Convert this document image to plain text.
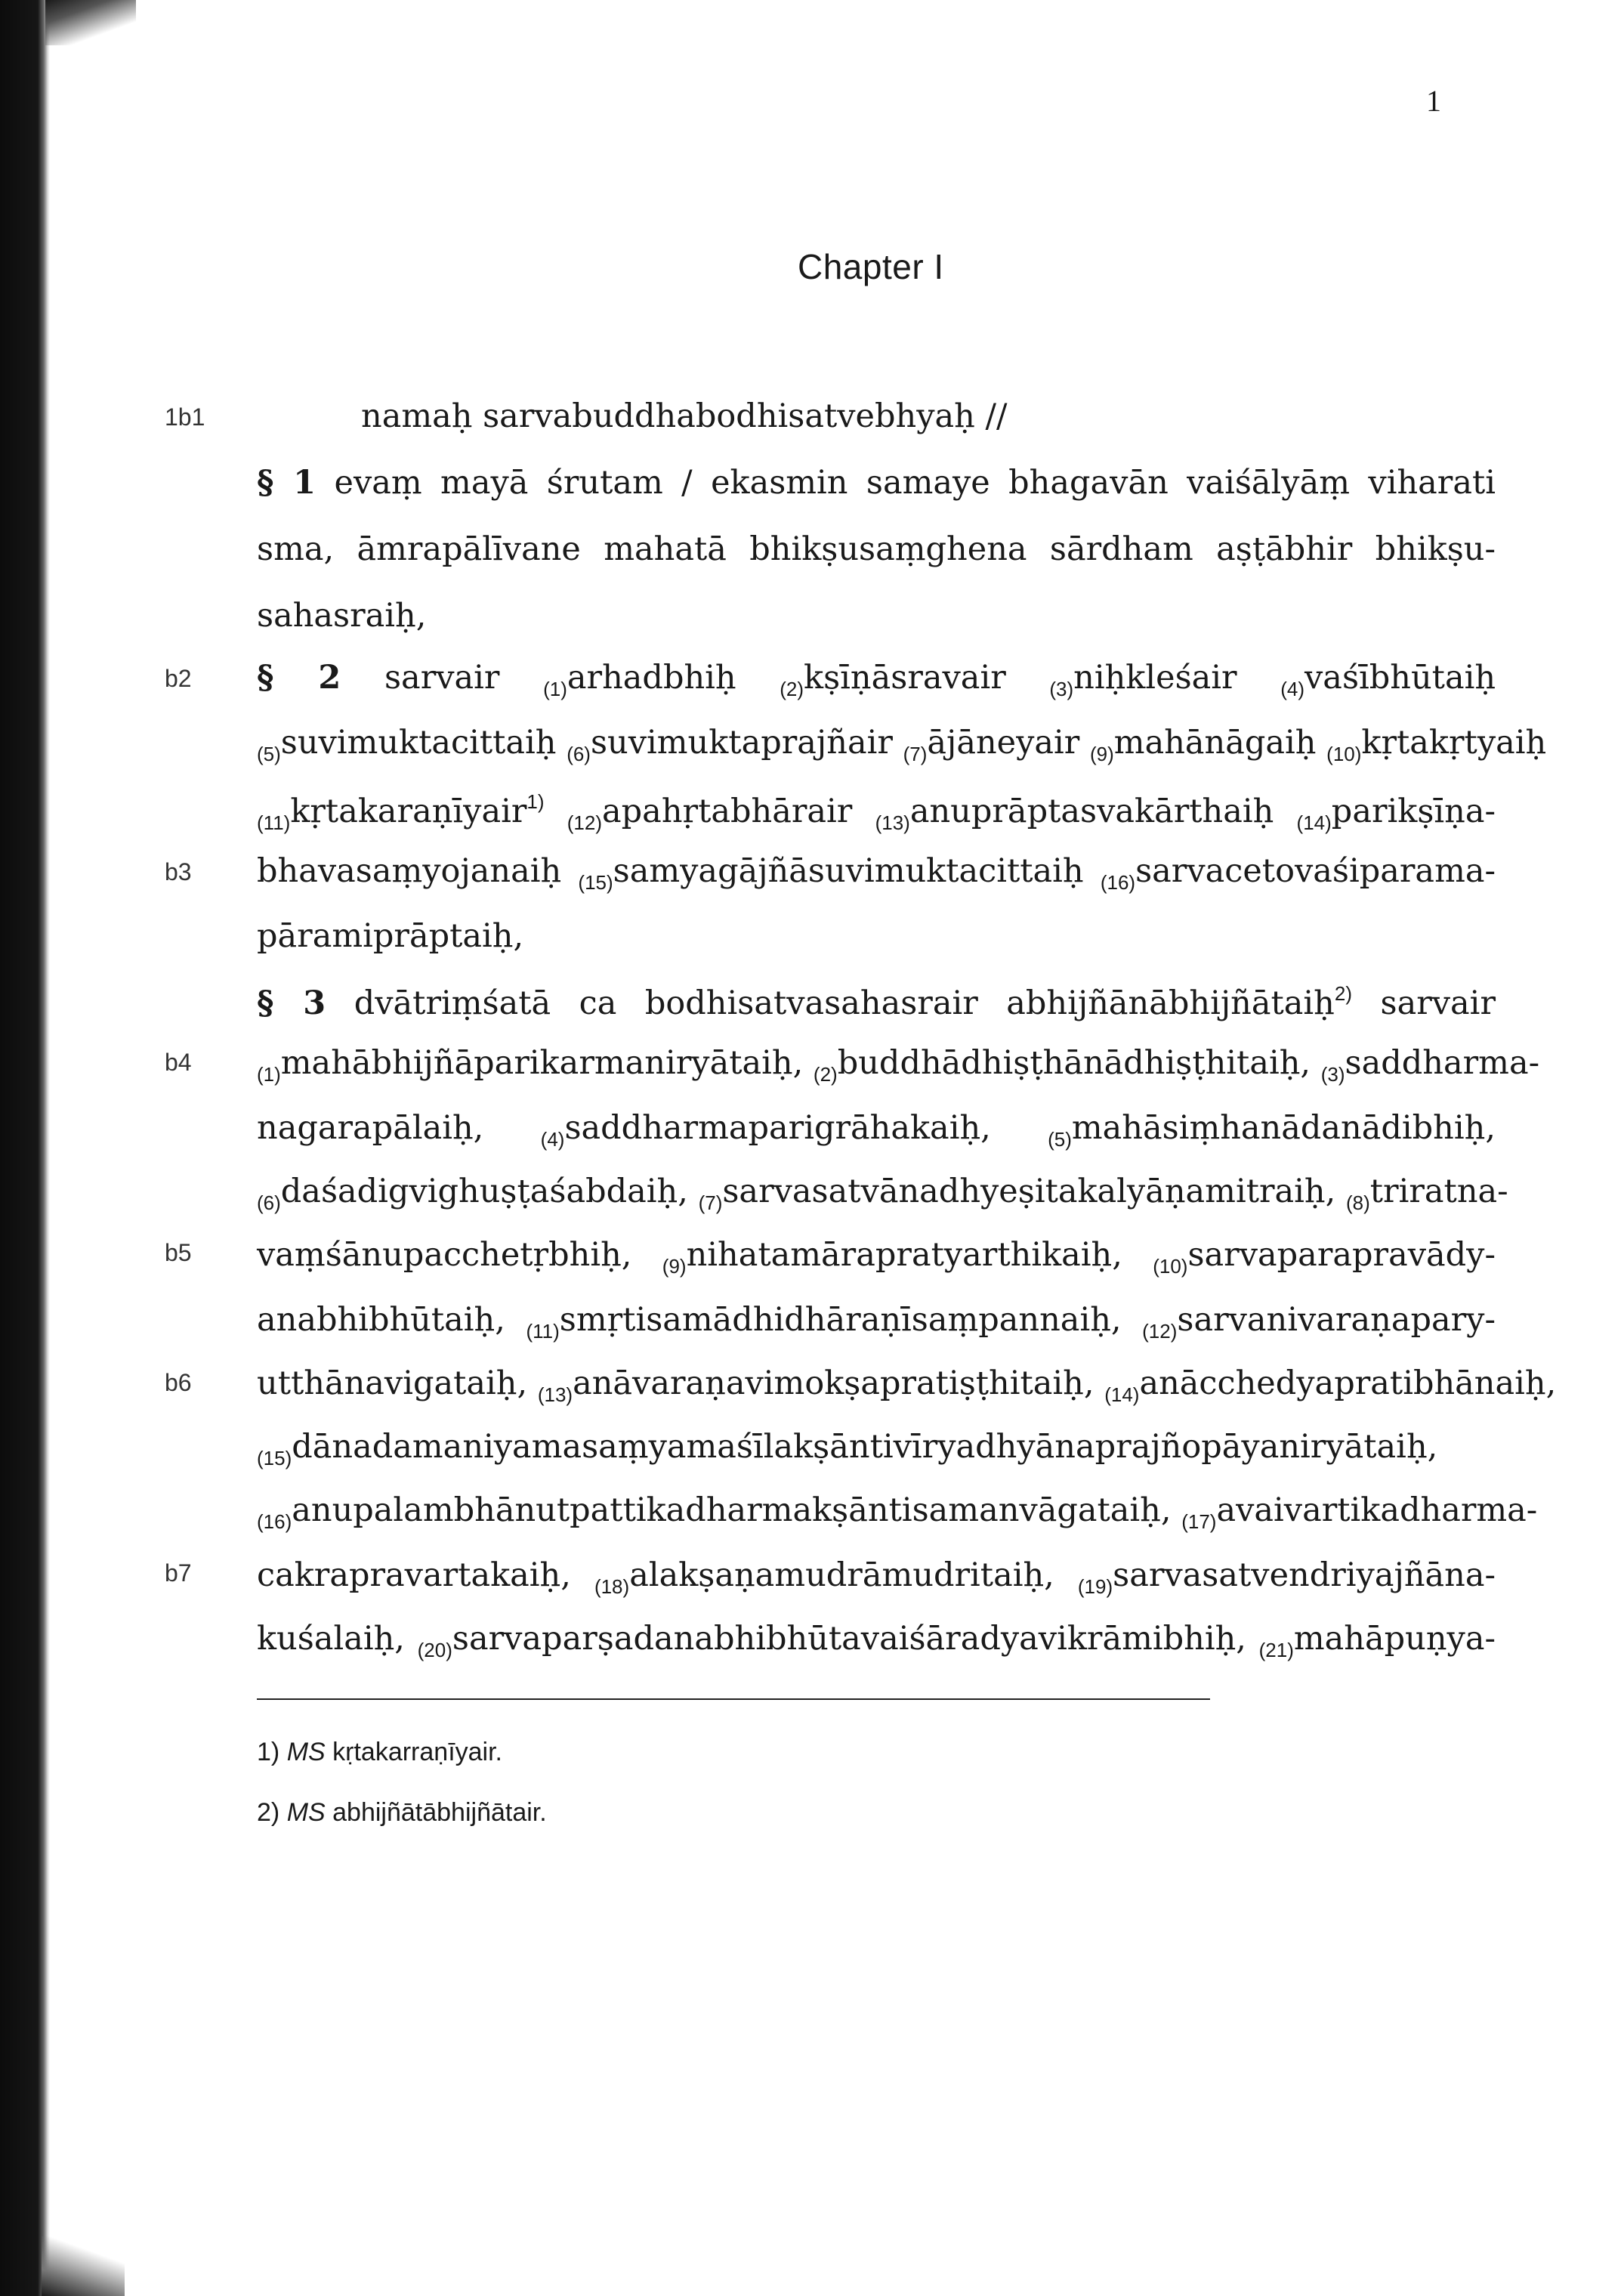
1
Chapter I
1b1
b2
b3
b4
b5
b6
b7
namaḥ sarvabuddhabodhisatvebhyaḥ //
§ 1 evaṃ mayā śrutam / ekasmin samaye bhagavān vaiśālyāṃ viharati
sma, āmrapālīvane mahatā bhikṣusaṃghena sārdham aṣṭābhir bhikṣu-
sahasraiḥ,
§ 2 sarvair $_{(1)}$arhadbhiḥ $_{(2)}$kṣīṇāsravair $_{(3)}$niḥkleśair $_{(4)}$vaśībhūtaiḥ
$_{(5)}$suvimuktacittaiḥ $_{(6)}$suvimuktaprajñair $_{(7)}$ājāneyair $_{(9)}$mahānāgaiḥ $_{(10)}$kṛtakṛtyaiḥ
$_{(11)}$kṛtakaraṇīyair$^{1)}$ $_{(12)}$apahṛtabhārair $_{(13)}$anuprāptasvakārthaiḥ $_{(14)}$parikṣīṇa-
bhavasaṃyojanaiḥ $_{(15)}$samyagājñāsuvimuktacittaiḥ $_{(16)}$sarvacetovaśiparama-
pāramiprāptaiḥ,
§ 3 dvātriṃśatā ca bodhisatvasahasrair abhijñānābhijñātaiḥ$^{2)}$ sarvair
$_{(1)}$mahābhijñāparikarmaniryātaiḥ, $_{(2)}$buddhādhiṣṭhānādhiṣṭhitaiḥ, $_{(3)}$saddharma-
nagarapālaiḥ,	$_{(4)}$saddharmaparigrāhakaiḥ,	$_{(5)}$mahāsiṃhanādanādibhiḥ,
$_{(6)}$daśadigvighuṣṭaśabdaiḥ, $_{(7)}$sarvasatvānadhyeṣitakalyāṇamitraiḥ, $_{(8)}$triratna-
vaṃśānupacchetṛbhiḥ, $_{(9)}$nihatamārapratyarthikaiḥ, $_{(10)}$sarvaparapravādy-
anabhibhūtaiḥ, $_{(11)}$smṛtisamādhidhāraṇīsaṃpannaiḥ, $_{(12)}$sarvanivaraṇapary-
utthānavigataiḥ, $_{(13)}$anāvaraṇavimokṣapratiṣṭhitaiḥ, $_{(14)}$anācchedyapratibhānaiḥ,
$_{(15)}$dānadamaniyamasaṃyamaśīlakṣāntivīryadhyānaprajñopāyaniryātaiḥ,
$_{(16)}$anupalambhānutpattikadharmakṣāntisamanvāgataiḥ, $_{(17)}$avaivartikadharma-
cakrapravartakaiḥ, $_{(18)}$alakṣaṇamudrāmudritaiḥ, $_{(19)}$sarvasatvendriyajñāna-
kuśalaiḥ, $_{(20)}$sarvaparṣadanabhibhūtavaiśāradyavikrāmibhiḥ, $_{(21)}$mahāpuṇya-
1) MS kṛtakarraṇīyair.
2) MS abhijñātābhijñātair.
